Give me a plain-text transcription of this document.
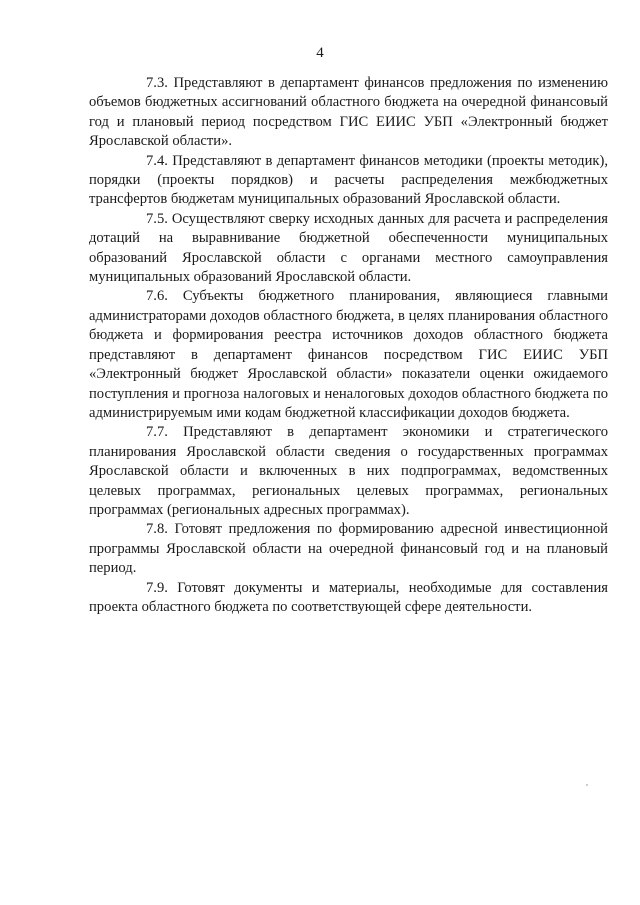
4

7.3. Представляют в департамент финансов предложения по изменению объемов бюджетных ассигнований областного бюджета на очередной финансовый год и плановый период посредством ГИС ЕИИС УБП «Электронный бюджет Ярославской области».

7.4. Представляют в департамент финансов методики (проекты методик), порядки (проекты порядков) и расчеты распределения межбюджетных трансфертов бюджетам муниципальных образований Ярославской области.

7.5. Осуществляют сверку исходных данных для расчета и распределения дотаций на выравнивание бюджетной обеспеченности муниципальных образований Ярославской области с органами местного самоуправления муниципальных образований Ярославской области.

7.6. Субъекты бюджетного планирования, являющиеся главными администраторами доходов областного бюджета, в целях планирования областного бюджета и формирования реестра источников доходов областного бюджета представляют в департамент финансов посредством ГИС ЕИИС УБП «Электронный бюджет Ярославской области» показатели оценки ожидаемого поступления и прогноза налоговых и неналоговых доходов областного бюджета по администрируемым ими кодам бюджетной классификации доходов бюджета.

7.7. Представляют в департамент экономики и стратегического планирования Ярославской области сведения о государственных программах Ярославской области и включенных в них подпрограммах, ведомственных целевых программах, региональных целевых программах, региональных программах (региональных адресных программах).

7.8. Готовят предложения по формированию адресной инвестиционной программы Ярославской области на очередной финансовый год и на плановый период.

7.9. Готовят документы и материалы, необходимые для составления проекта областного бюджета по соответствующей сфере деятельности.
